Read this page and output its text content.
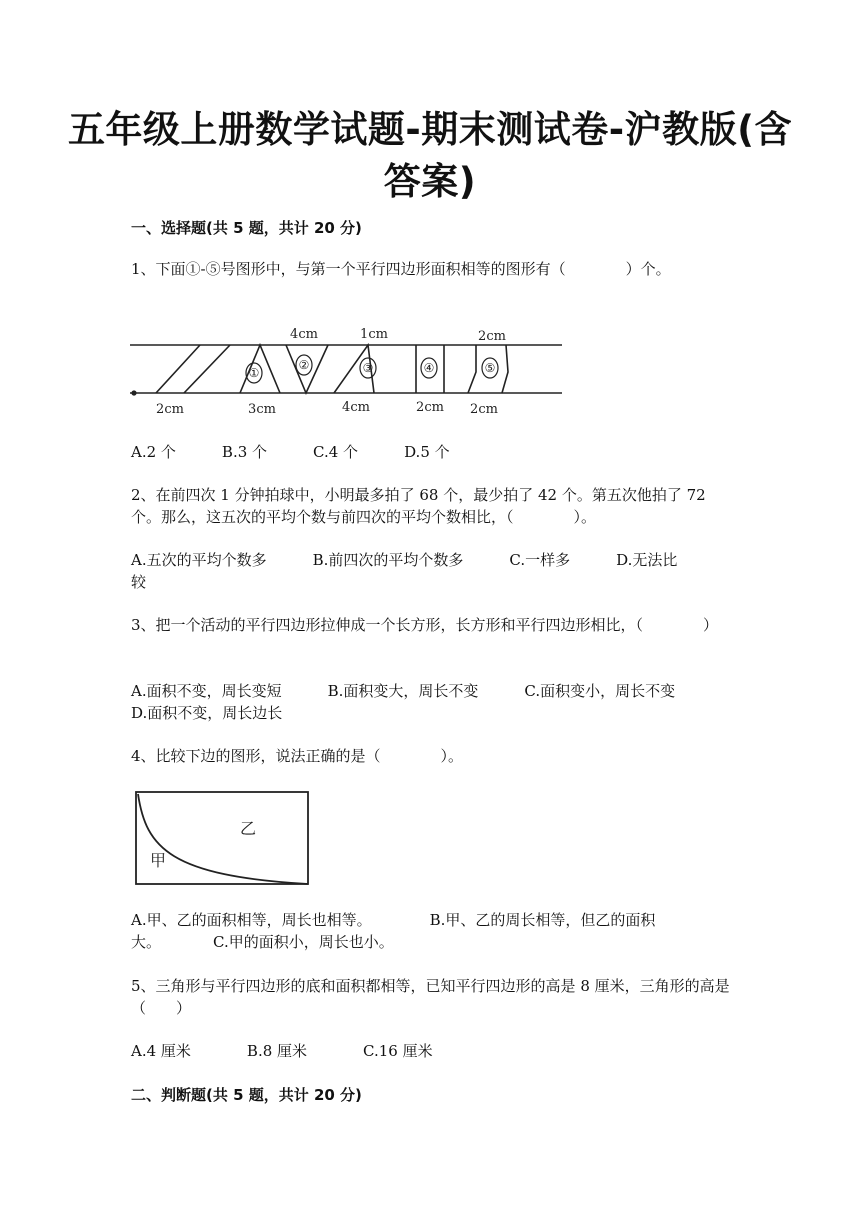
五年级上册数学试题-期末测试卷-沪教版(含答案)
一、选择题(共 5 题，共计 20 分)
1、下面①-⑤号图形中，与第一个平行四边形面积相等的图形有（　　　　）个。
4cm	1cm	2cm
2cm	3cm	4cm	2cm 2cm
①
②	③	④	⑤
A.2 个	B.3 个	C.4 个	D.5 个
2、在前四次 1 分钟拍球中，小明最多拍了 68 个，最少拍了 42 个。第五次他拍了 72 个。那么，这五次的平均个数与前四次的平均个数相比，（　　　　）。
A.五次的平均个数多	B.前四次的平均个数多	C.一样多	D.无法比较
3、把一个活动的平行四边形拉伸成一个长方形，长方形和平行四边形相比，（　　　　）
A.面积不变，周长变短	B.面积变大，周长不变	C.面积变小，周长不变D.面积不变，周长边长
4、比较下边的图形，说法正确的是（　　　　）。
乙
甲
A.甲、乙的面积相等，周长也相等。	B.甲、乙的周长相等，但乙的面积大。	C.甲的面积小，周长也小。
5、三角形与平行四边形的底和面积都相等，已知平行四边形的高是 8 厘米，三角形的高是（　　）
A.4 厘米	B.8 厘米	C.16 厘米
二、判断题(共 5 题，共计 20 分)
